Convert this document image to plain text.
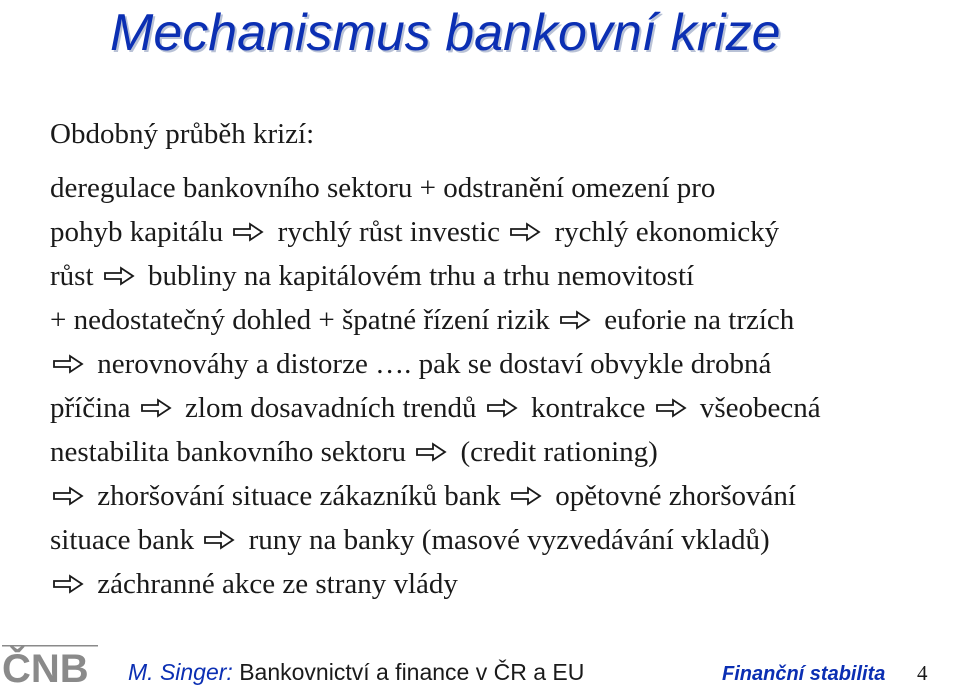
Mechanismus bankovní krize
Obdobný průběh krizí:
deregulace bankovního sektoru + odstranění omezení pro
pohyb kapitálu
rychlý růst investic
rychlý ekonomický
růst
bubliny na kapitálovém trhu a trhu nemovitostí
+ nedostatečný dohled + špatné řízení rizik
euforie na trzích
nerovnováhy a distorze …. pak se dostaví obvykle drobná
příčina
zlom dosavadních trendů
kontrakce
všeobecná
nestabilita bankovního sektoru
(credit rationing)
zhoršování situace zákazníků bank
opětovné zhoršování
situace bank
runy na banky (masové vyzvedávání vkladů)
záchranné akce ze strany vlády
ČNB M. Singer: Bankovnictví a finance v ČR a EU	Finanční stabilita 4
